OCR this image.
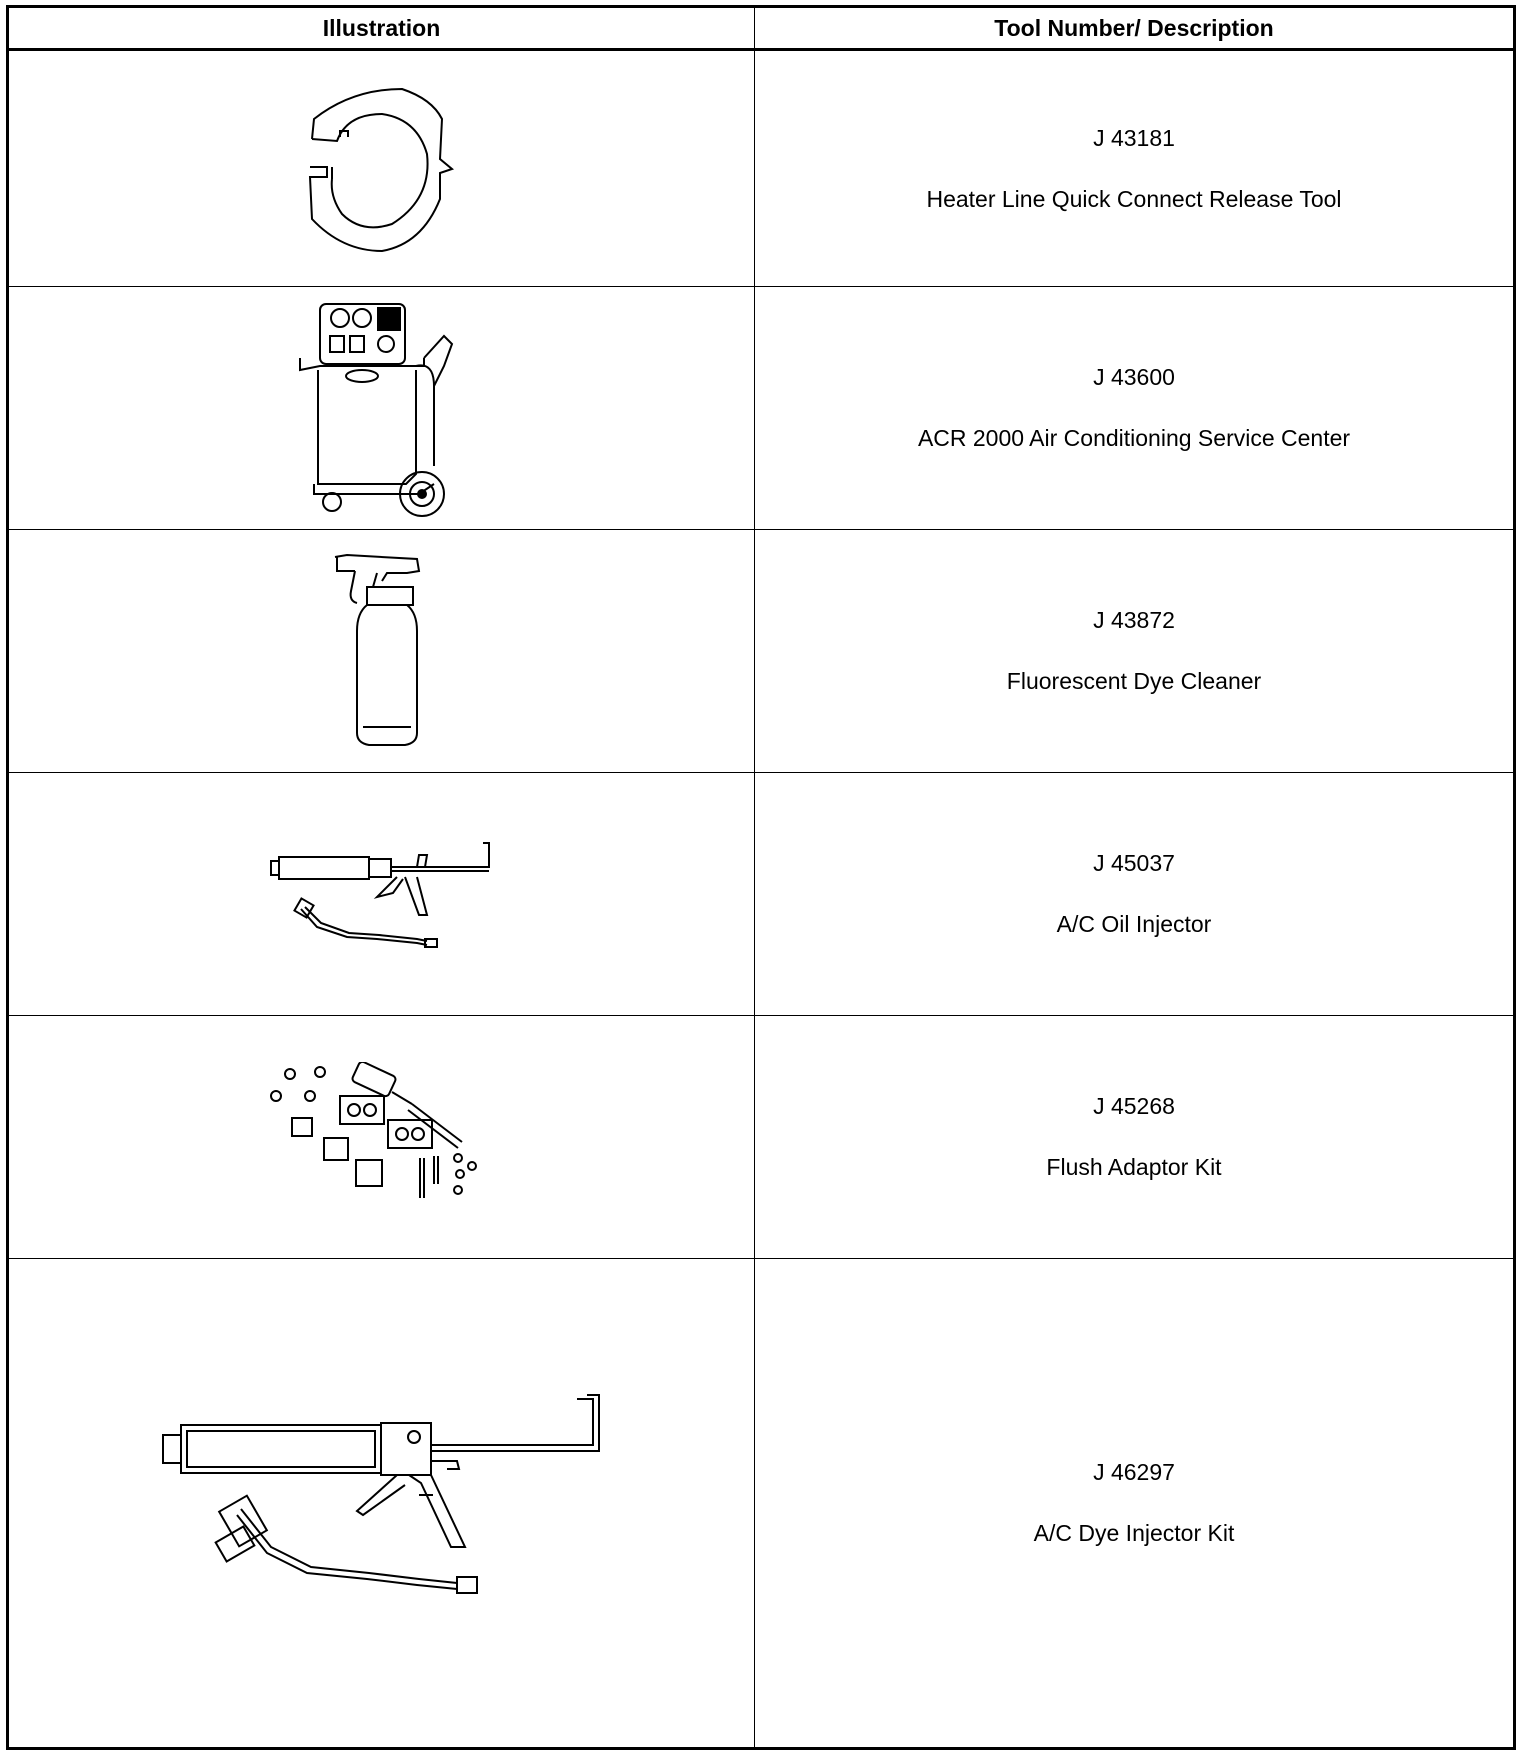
Illustration	Tool Number/ Description
J 43181
Heater Line Quick Connect Release Tool
J 43600
ACR 2000 Air Conditioning Service Center
J 43872
Fluorescent Dye Cleaner
J 45037
A/C Oil Injector
J 45268
Flush Adaptor Kit
J 46297
A/C Dye Injector Kit
